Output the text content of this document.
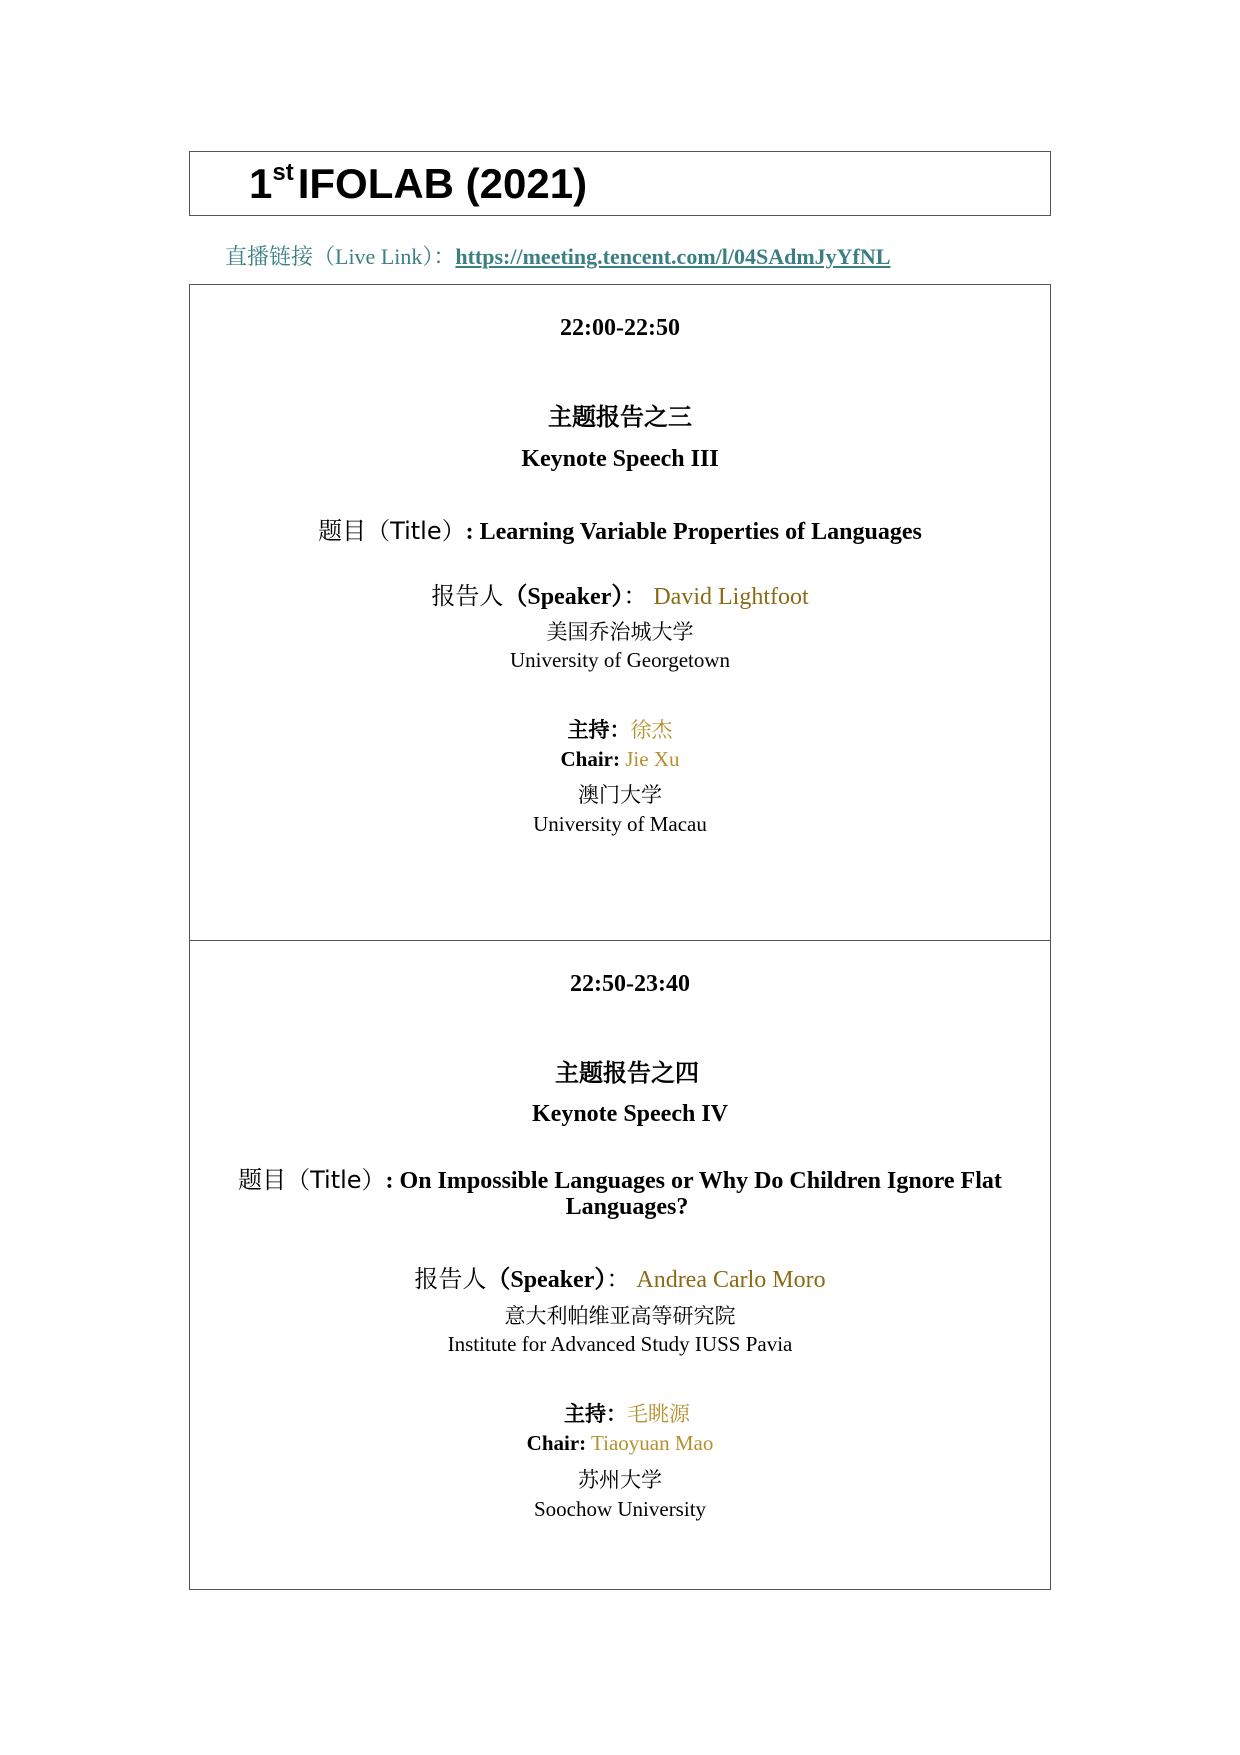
1stIFOLAB (2021)
直播链接（Live Link）：https://meeting.tencent.com/l/04SAdmJyYfNL
22:00-22:50
主题报告之三
Keynote Speech III
题目（Title）: Learning Variable Properties of Languages
报告人（Speaker）： David Lightfoot
美国乔治城大学
University of Georgetown
主持：徐杰
Chair: Jie Xu
澳门大学
University of Macau
22:50-23:40
主题报告之四
Keynote Speech IV
题目（Title）: On Impossible Languages or Why Do Children Ignore Flat
Languages?
报告人（Speaker）： Andrea Carlo Moro
意大利帕维亚高等研究院
Institute for Advanced Study IUSS Pavia
主持：毛眺源
Chair: Tiaoyuan Mao
苏州大学
Soochow University
